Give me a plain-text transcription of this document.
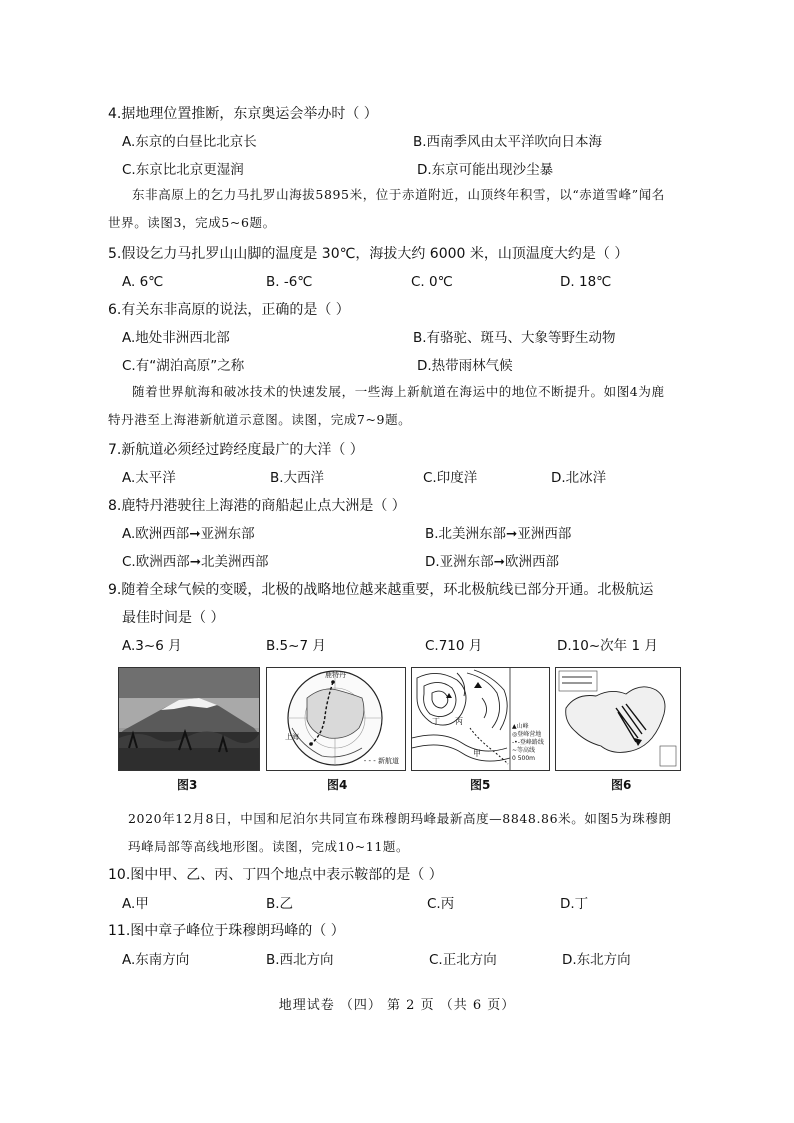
4.据地理位置推断，东京奥运会举办时（ ）
A.东京的白昼比北京长	B.西南季风由太平洋吹向日本海
C.东京比北京更湿润	D.东京可能出现沙尘暴
东非高原上的乞力马扎罗山海拔5895米，位于赤道附近，山顶终年积雪，以“赤道雪峰”闻名世界。读图3，完成5~6题。
5.假设乞力马扎罗山山脚的温度是 30℃，海拔大约 6000 米，山顶温度大约是（ ）
A. 6℃	B. -6℃	C. 0℃	D. 18℃
6.有关东非高原的说法，正确的是（ ）
A.地处非洲西北部	B.有骆驼、斑马、大象等野生动物
C.有“湖泊高原”之称	D.热带雨林气候
随着世界航海和破冰技术的快速发展，一些海上新航道在海运中的地位不断提升。如图4为鹿特丹港至上海港新航道示意图。读图，完成7~9题。
7.新航道必须经过跨经度最广的大洋（ ）
A.太平洋	B.大西洋	C.印度洋	D.北冰洋
8.鹿特丹港驶往上海港的商船起止点大洲是（ ）
A.欧洲西部➞亚洲东部	B.北美洲东部➞亚洲西部
C.欧洲西部➞北美洲西部	D.亚洲东部➞欧洲西部
9.随着全球气候的变暖，北极的战略地位越来越重要，环北极航线已部分开通。北极航运
最佳时间是（ ）
A.3~6 月	B.5~7 月	C.710 月	D.10~次年 1 月
图3
鹿特丹
上海
- - - 新航道
图4
丁 丙
甲
▲山峰
◎登峰营地
-•-登峰路线
~等高线
0 500m
图5	图6
2020年12月8日，中国和尼泊尔共同宣布珠穆朗玛峰最新高度—8848.86米。如图5为珠穆朗玛峰局部等高线地形图。读图，完成10~11题。
10.图中甲、乙、丙、丁四个地点中表示鞍部的是（ ）
A.甲	B.乙	C.丙	D.丁
11.图中章子峰位于珠穆朗玛峰的（ ）
A.东南方向	B.西北方向	C.正北方向	D.东北方向
地理试卷 （四） 第 2 页 （共 6 页）
